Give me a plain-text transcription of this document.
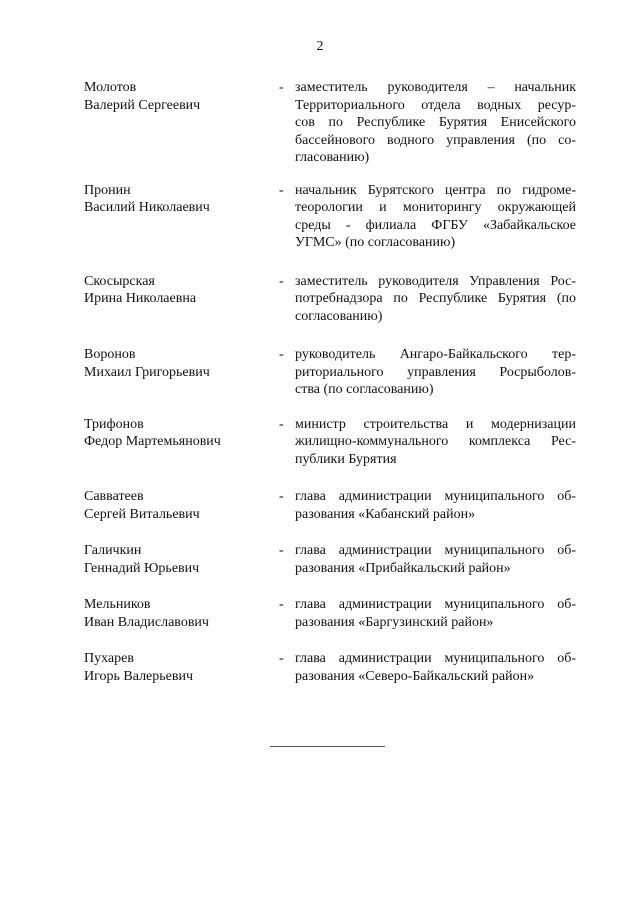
2
Молотов
Валерий Сергеевич
- заместитель руководителя – начальник
Территориального отдела водных ресур-
сов по Республике Бурятия Енисейского
бассейнового водного управления (по со-
гласованию)
Пронин
Василий Николаевич
- начальник Бурятского центра по гидроме-
теорологии и мониторингу окружающей
среды - филиала ФГБУ «Забайкальское
УГМС» (по согласованию)
Скосырская
Ирина Николаевна
- заместитель руководителя Управления Рос-
потребнадзора по Республике Бурятия (по
согласованию)
Воронов
Михаил Григорьевич
- руководитель Ангаро-Байкальского тер-
риториального управления Росрыболов-
ства (по согласованию)
Трифонов
Федор Мартемьянович
- министр строительства и модернизации
жилищно-коммунального комплекса Рес-
публики Бурятия
Савватеев
Сергей Витальевич
- глава администрации муниципального об-
разования «Кабанский район»
Галичкин
Геннадий Юрьевич
- глава администрации муниципального об-
разования «Прибайкальский район»
Мельников
Иван Владиславович
- глава администрации муниципального об-
разования «Баргузинский район»
Пухарев
Игорь Валерьевич
- глава администрации муниципального об-
разования «Северо-Байкальский район»
